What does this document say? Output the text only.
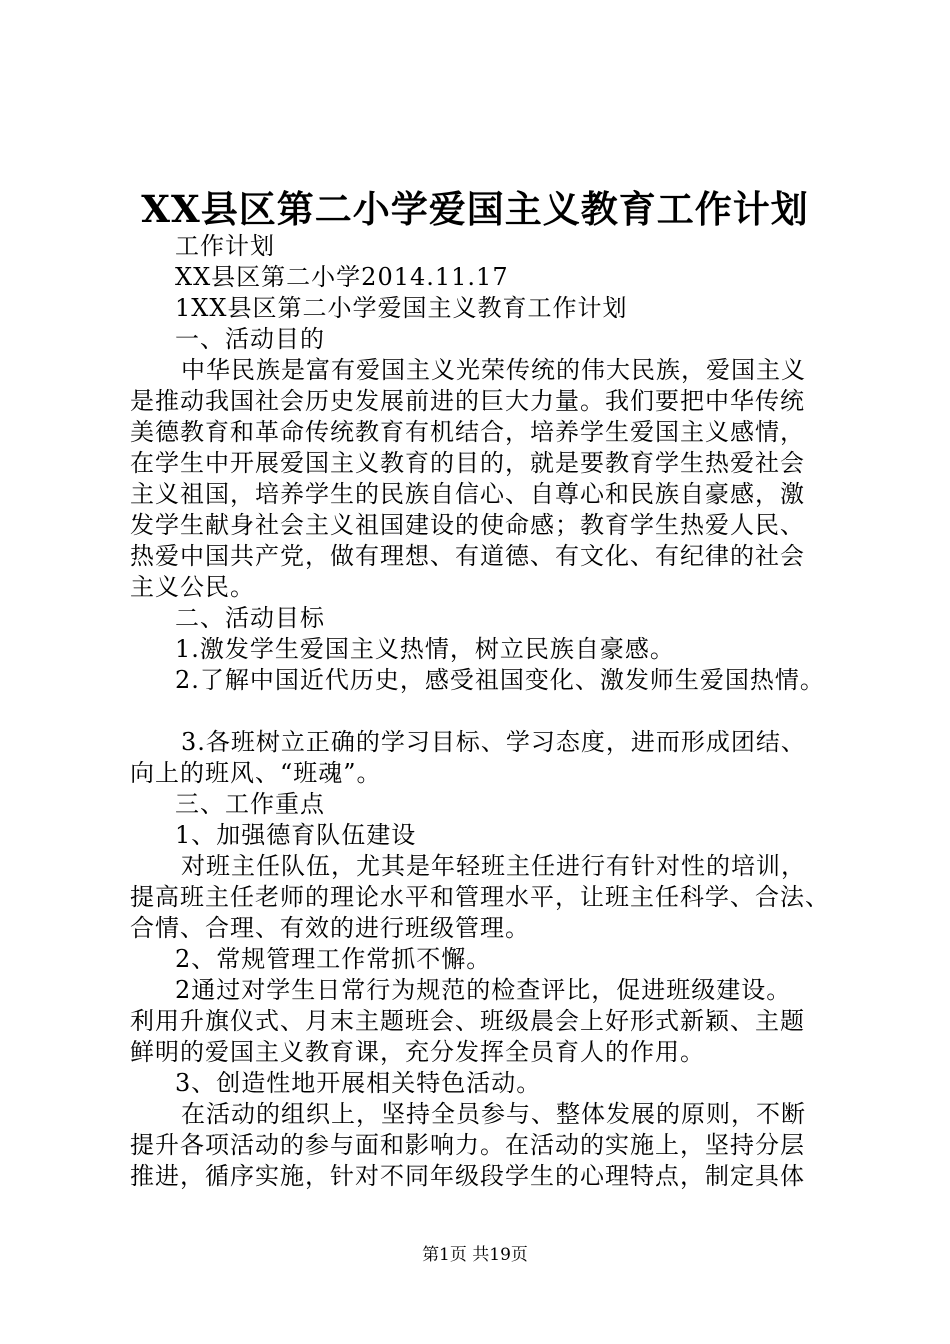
XX县区第二小学爱国主义教育工作计划
工作计划
XX县区第二小学2014.11.17
1XX县区第二小学爱国主义教育工作计划
一、活动目的
中华民族是富有爱国主义光荣传统的伟大民族，爱国主义
是推动我国社会历史发展前进的巨大力量。我们要把中华传统
美德教育和革命传统教育有机结合，培养学生爱国主义感情，
在学生中开展爱国主义教育的目的，就是要教育学生热爱社会
主义祖国，培养学生的民族自信心、自尊心和民族自豪感，激
发学生献身社会主义祖国建设的使命感；教育学生热爱人民、
热爱中国共产党，做有理想、有道德、有文化、有纪律的社会
主义公民。
二、活动目标
1.激发学生爱国主义热情，树立民族自豪感。
2.了解中国近代历史，感受祖国变化、激发师生爱国热情。
3.各班树立正确的学习目标、学习态度，进而形成团结、
向上的班风、“班魂”。
三、工作重点
1、加强德育队伍建设
对班主任队伍，尤其是年轻班主任进行有针对性的培训，
提高班主任老师的理论水平和管理水平，让班主任科学、合法、
合情、合理、有效的进行班级管理。
2、常规管理工作常抓不懈。
2通过对学生日常行为规范的检查评比，促进班级建设。
利用升旗仪式、月末主题班会、班级晨会上好形式新颖、主题
鲜明的爱国主义教育课，充分发挥全员育人的作用。
3、创造性地开展相关特色活动。
在活动的组织上，坚持全员参与、整体发展的原则，不断
提升各项活动的参与面和影响力。在活动的实施上，坚持分层
推进，循序实施，针对不同年级段学生的心理特点，制定具体
第1页 共19页
